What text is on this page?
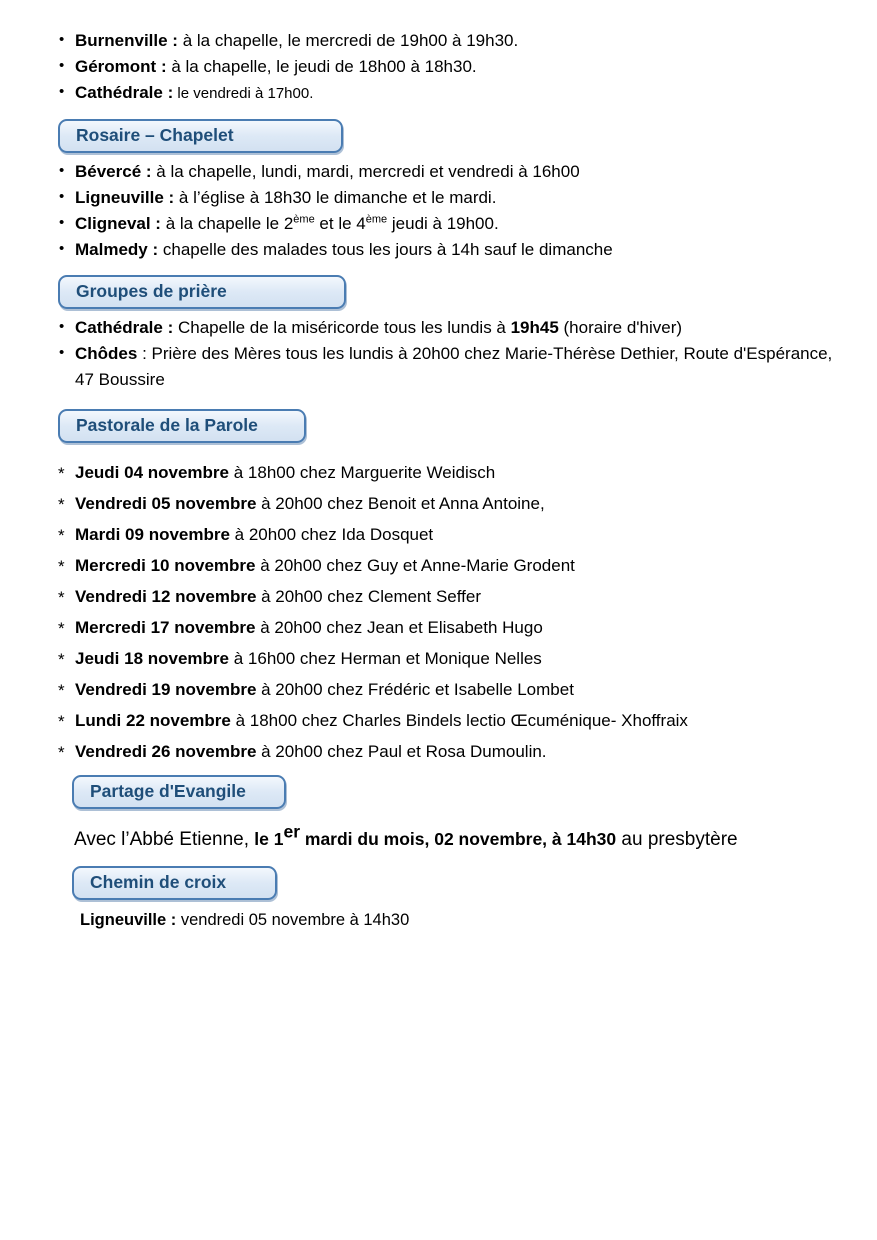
• Burnenville : à la chapelle, le mercredi de 19h00 à 19h30.
• Géromont : à la chapelle, le jeudi de 18h00 à 18h30.
• Cathédrale : le vendredi à 17h00.
Rosaire – Chapelet
• Bévercé : à la chapelle, lundi, mardi, mercredi et vendredi à 16h00
• Ligneuville : à l’église à 18h30 le dimanche et le mardi.
• Cligneval : à la chapelle le 2ème et le 4ème jeudi à 19h00.
• Malmedy : chapelle des malades tous les jours à 14h sauf le dimanche
Groupes de prière
• Cathédrale : Chapelle de la miséricorde tous les lundis à 19h45 (horaire d'hiver)
• Chôdes : Prière des Mères tous les lundis à 20h00 chez Marie-Thérèse Dethier, Route d'Espérance, 47 Boussire
Pastorale de la Parole
* Jeudi 04 novembre à 18h00 chez Marguerite Weidisch
* Vendredi 05 novembre à 20h00 chez Benoit et Anna Antoine,
* Mardi 09 novembre à 20h00 chez Ida Dosquet
* Mercredi 10 novembre à 20h00 chez Guy et Anne-Marie Grodent
* Vendredi 12 novembre à 20h00 chez Clement Seffer
* Mercredi 17 novembre à 20h00 chez Jean et Elisabeth Hugo
* Jeudi 18 novembre à 16h00 chez Herman et Monique Nelles
* Vendredi 19 novembre à 20h00 chez Frédéric et Isabelle Lombet
* Lundi 22 novembre à 18h00 chez Charles Bindels lectio Œcuménique- Xhoffraix
* Vendredi 26 novembre à 20h00 chez Paul et Rosa Dumoulin.
Partage d'Evangile

Avec l’Abbé Etienne, le 1er mardi du mois, 02 novembre, à 14h30 au presbytère

Chemin de croix

Ligneuville : vendredi 05 novembre à 14h30
